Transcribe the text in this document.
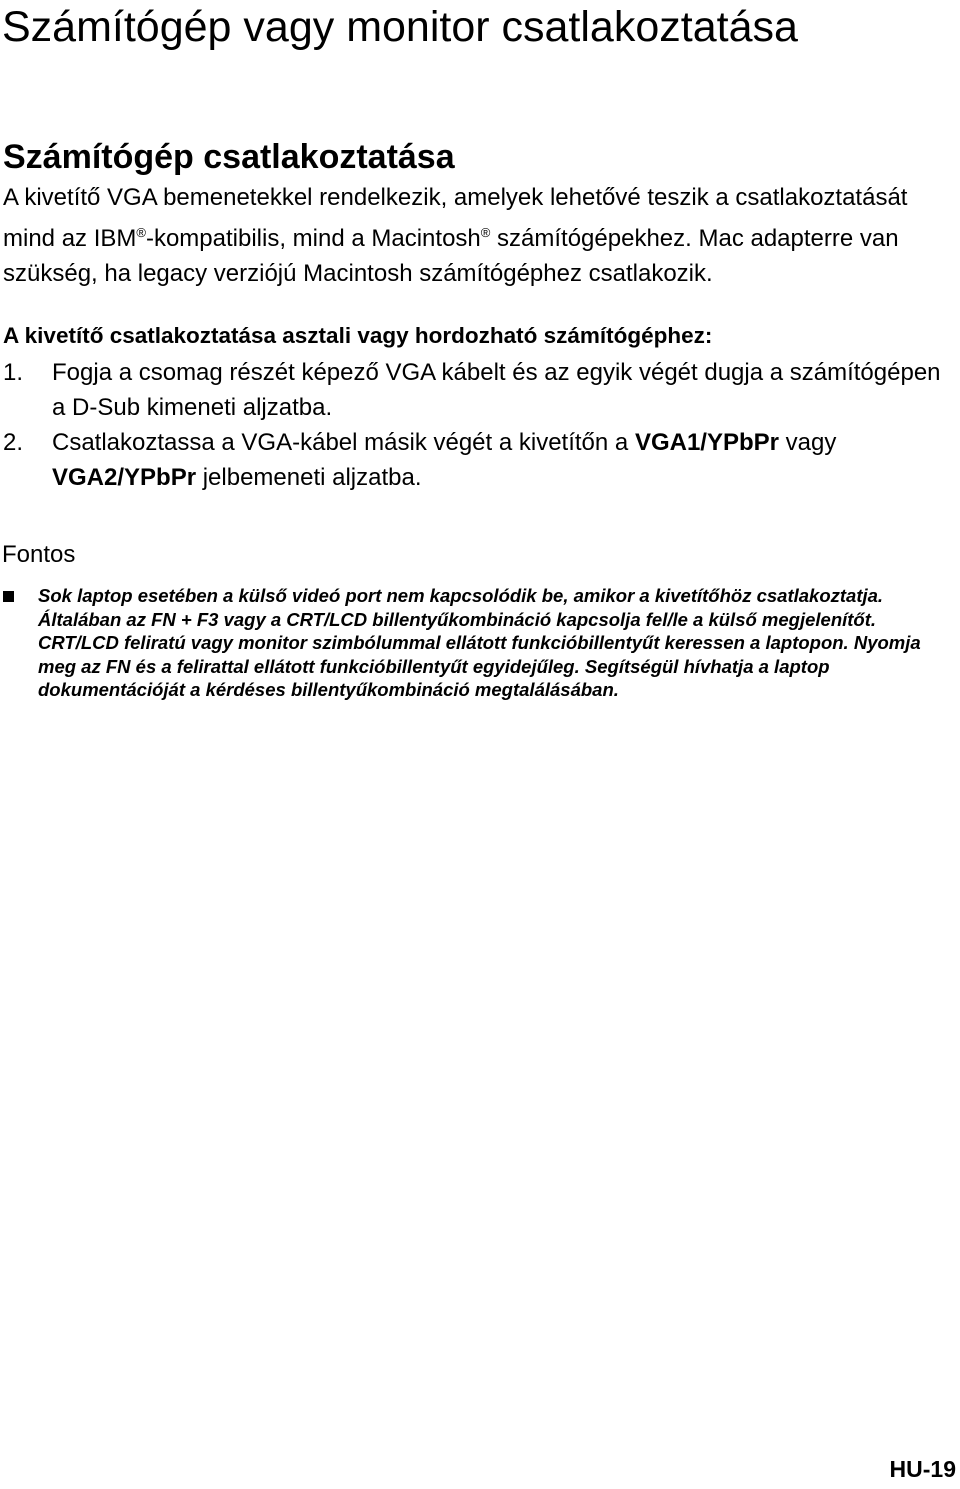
Számítógép vagy monitor csatlakoztatása
Számítógép csatlakoztatása

A kivetítő VGA bemenetekkel rendelkezik, amelyek lehetővé teszik a csatlakoztatását mind az IBM®-kompatibilis, mind a Macintosh® számítógépekhez. Mac adapterre van szükség, ha legacy verziójú Macintosh számítógéphez csatlakozik.

A kivetítő csatlakoztatása asztali vagy hordozható számítógéphez:
1. Fogja a csomag részét képező VGA kábelt és az egyik végét dugja a számítógépen a D-Sub kimeneti aljzatba.
2. Csatlakoztassa a VGA-kábel másik végét a kivetítőn a VGA1/YPbPr vagy VGA2/YPbPr jelbemeneti aljzatba.
Fontos

Sok laptop esetében a külső videó port nem kapcsolódik be, amikor a kivetítőhöz csatlakoztatja. Általában az FN + F3 vagy a CRT/LCD billentyűkombináció kapcsolja fel/le a külső megjelenítőt. CRT/LCD feliratú vagy monitor szimbólummal ellátott funkcióbillentyűt keressen a laptopon. Nyomja meg az FN és a felirattal ellátott funkcióbillentyűt egyidejűleg. Segítségül hívhatja a laptop dokumentációját a kérdéses billentyűkombináció megtalálásában.

HU-19
